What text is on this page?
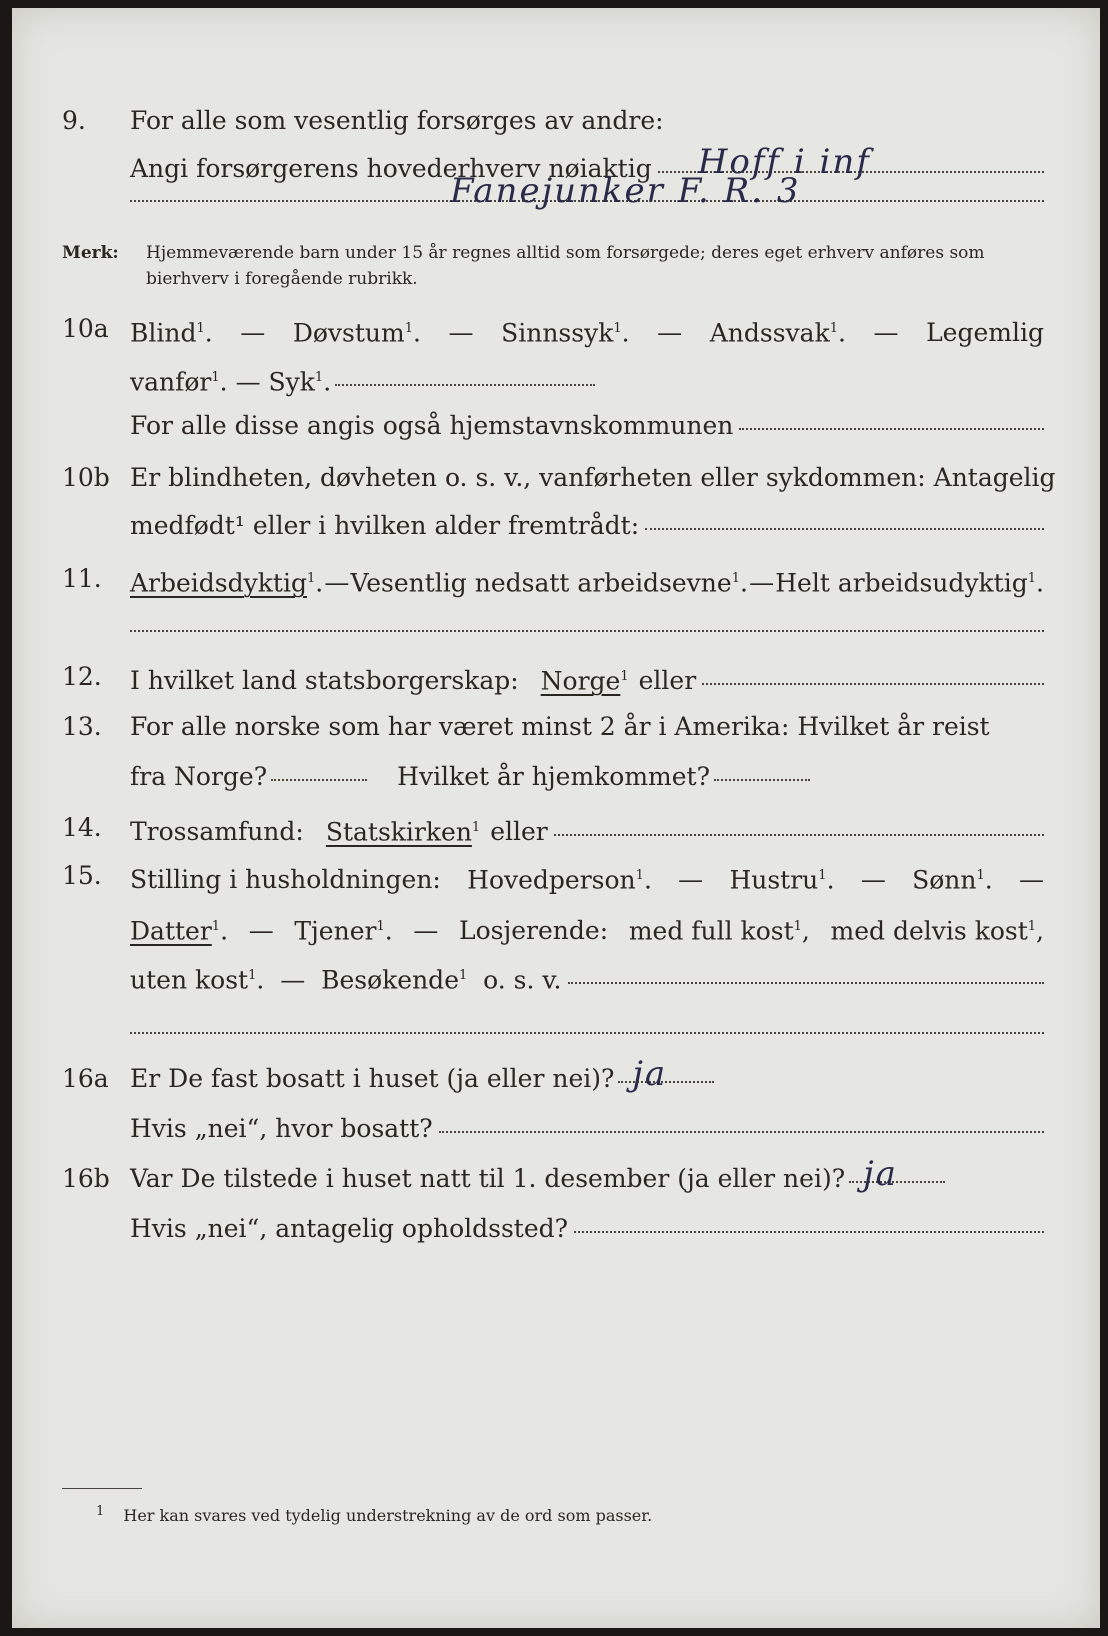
9.	For alle som vesentlig forsørges av andre:
Angi forsørgerens hovederhverv nøiaktig Hoff i inf
Fanejunker F. R. 3
Merk: Hjemmeværende barn under 15 år regnes alltid som forsørgede; deres eget erhverv anføres som bierhverv i foregående rubrikk.
10a Blind$^1$. — Døvstum$^1$. — Sinnssyk$^1$. — Andssvak$^1$. — Legemlig
vanfør$^1$. — Syk$^1$.
For alle disse angis også hjemstavnskommunen
10b Er blindheten, døvheten o. s. v., vanførheten eller sykdommen: Antagelig
medfødt¹ eller i hvilken alder fremtrådt:
11.	Arbeidsdyktig$^1$. — Vesentlig nedsatt arbeidsevne$^1$. — Helt arbeidsudyktig$^1$.
12.	I hvilket land statsborgerskap: Norge$^1$ eller
13.	For alle norske som har været minst 2 år i Amerika: Hvilket år reist
fra Norge?	Hvilket år hjemkommet?
14.	Trossamfund: Statskirken$^1$ eller
15.	Stilling i husholdningen: Hovedperson$^1$. — Hustru$^1$. — Sønn$^1$. —
Datter$^1$. — Tjener$^1$. — Losjerende: med full kost$^1$, med delvis kost$^1$,
uten kost$^1$.  —  Besøkende$^1$ o. s. v.
16a Er De fast bosatt i huset (ja eller nei)? ja
Hvis „nei“, hvor bosatt?
16b Var De tilstede i huset natt til 1. desember (ja eller nei)? ja
Hvis „nei“, antagelig opholdssted?
$^1$ Her kan svares ved tydelig understrekning av de ord som passer.
